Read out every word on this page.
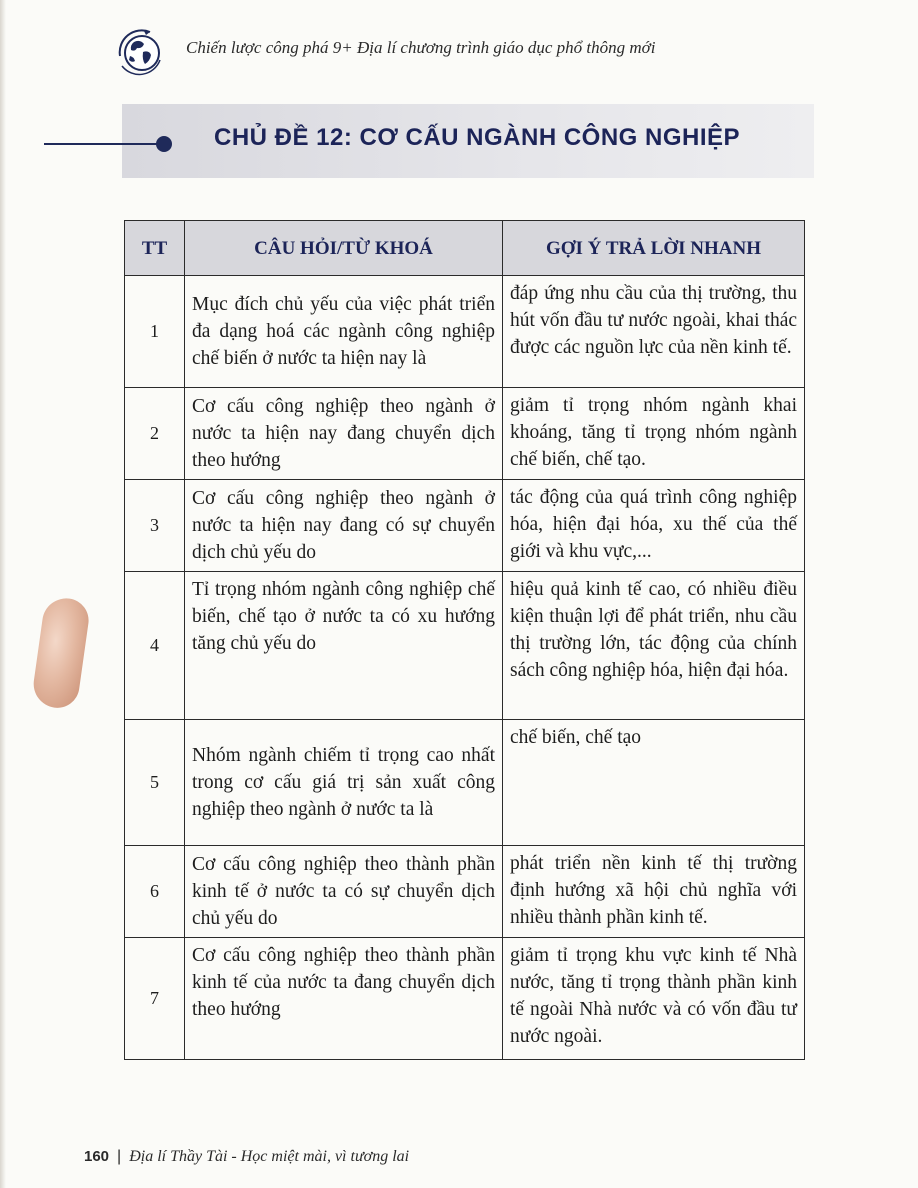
Chiến lược công phá 9+ Địa lí chương trình giáo dục phổ thông mới
CHỦ ĐỀ 12: CƠ CẤU NGÀNH CÔNG NGHIỆP
TT	CÂU HỎI/TỪ KHOÁ	GỢI Ý TRẢ LỜI NHANH
1	Mục đích chủ yếu của việc phát triển đa dạng hoá các ngành công nghiệp chế biến ở nước ta hiện nay là	đáp ứng nhu cầu của thị trường, thu hút vốn đầu tư nước ngoài, khai thác được các nguồn lực của nền kinh tế.
2	Cơ cấu công nghiệp theo ngành ở nước ta hiện nay đang chuyển dịch theo hướng	giảm tỉ trọng nhóm ngành khai khoáng, tăng tỉ trọng nhóm ngành chế biến, chế tạo.
3	Cơ cấu công nghiệp theo ngành ở nước ta hiện nay đang có sự chuyển dịch chủ yếu do	tác động của quá trình công nghiệp hóa, hiện đại hóa, xu thế của thế giới và khu vực,...
4	Tỉ trọng nhóm ngành công nghiệp chế biến, chế tạo ở nước ta có xu hướng tăng chủ yếu do	hiệu quả kinh tế cao, có nhiều điều kiện thuận lợi để phát triển, nhu cầu thị trường lớn, tác động của chính sách công nghiệp hóa, hiện đại hóa.
5	Nhóm ngành chiếm tỉ trọng cao nhất trong cơ cấu giá trị sản xuất công nghiệp theo ngành ở nước ta là	chế biến, chế tạo
6	Cơ cấu công nghiệp theo thành phần kinh tế ở nước ta có sự chuyển dịch chủ yếu do	phát triển nền kinh tế thị trường định hướng xã hội chủ nghĩa với nhiều thành phần kinh tế.
7	Cơ cấu công nghiệp theo thành phần kinh tế của nước ta đang chuyển dịch theo hướng	giảm tỉ trọng khu vực kinh tế Nhà nước, tăng tỉ trọng thành phần kinh tế ngoài Nhà nước và có vốn đầu tư nước ngoài.
160 | Địa lí Thầy Tài - Học miệt mài, vì tương lai
